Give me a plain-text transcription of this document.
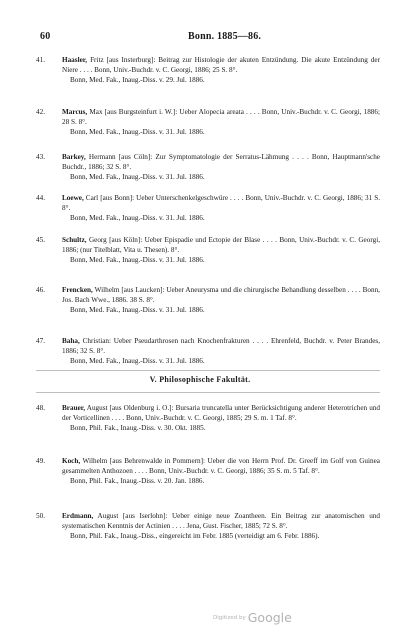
60	Bonn. 1885—86.
41.	Haasler, Fritz [aus Insterburg]: Beitrag zur Histologie der akuten Entzündung. Die akute Entzündung der Niere . . . . Bonn, Univ.-Buchdr. v. C. Georgi, 1886; 25 S. 8°.
Bonn, Med. Fak., Inaug.-Diss. v. 29. Jul. 1886.
42.	Marcus, Max [aus Burgsteinfurt i. W.]: Ueber Alopecia areata . . . . Bonn, Univ.-Buchdr. v. C. Georgi, 1886; 28 S. 8°.
Bonn, Med. Fak., Inaug.-Diss. v. 31. Jul. 1886.
43.	Barkey, Hermann [aus Cöln]: Zur Symptomatologie der Serratus-Lähmung . . . . Bonn, Hauptmann'sche Buchdr., 1886; 32 S. 8°.
Bonn, Med. Fak., Inaug.-Diss. v. 31. Jul. 1886.
44.	Loewe, Carl [aus Bonn]: Ueber Unterschenkelgeschwüre . . . . Bonn, Univ.-Buchdr. v. C. Georgi, 1886; 31 S. 8°.
Bonn, Med. Fak., Inaug.-Diss. v. 31. Jul. 1886.
45.	Schultz, Georg [aus Köln]: Ueber Epispadie und Ectopie der Blase . . . . Bonn, Univ.-Buchdr. v. C. Georgi, 1886; (nur Titelblatt, Vita u. Thesen). 8°.
Bonn, Med. Fak., Inaug.-Diss. v. 31. Jul. 1886.
46.	Frencken, Wilhelm [aus Laucken]: Ueber Aneurysma und die chirurgische Behandlung desselben . . . . Bonn, Jos. Bach Wwe., 1886. 38 S. 8°.
Bonn, Med. Fak., Inaug.-Diss. v. 31. Jul. 1886.
47.	Baha, Christian: Ueber Pseudarthrosen nach Knochenfrakturen . . . . Ehrenfeld, Buchdr. v. Peter Brandes, 1886; 32 S. 8°.
Bonn, Med. Fak., Inaug.-Diss. v. 31. Jul. 1886.
V. Philosophische Fakultät.
48.	Brauer, August [aus Oldenburg i. O.]: Bursaria truncatella unter Berücksichtigung anderer Heterotrichen und der Vorticellinen . . . . Bonn, Univ.-Buchdr. v. C. Georgi, 1885; 29 S. m. 1 Taf. 8°.
Bonn, Phil. Fak., Inaug.-Diss. v. 30. Okt. 1885.
49.	Koch, Wilhelm [aus Behrenwalde in Pommern]: Ueber die von Herrn Prof. Dr. Greeff im Golf von Guinea gesammelten Anthozoen . . . . Bonn, Univ.-Buchdr. v. C. Georgi, 1886; 35 S. m. 5 Taf. 8°.
Bonn, Phil. Fak., Inaug.-Diss. v. 20. Jan. 1886.
50.	Erdmann, August [aus Iserlohn]: Ueber einige neue Zoantheen. Ein Beitrag zur anatomischen und systematischen Kenntnis der Actinien . . . . Jena, Gust. Fischer, 1885; 72 S. 8°.
Bonn, Phil. Fak., Inaug.-Diss., eingereicht im Febr. 1885 (verteidigt am 6. Febr. 1886).
Digitized by Google
